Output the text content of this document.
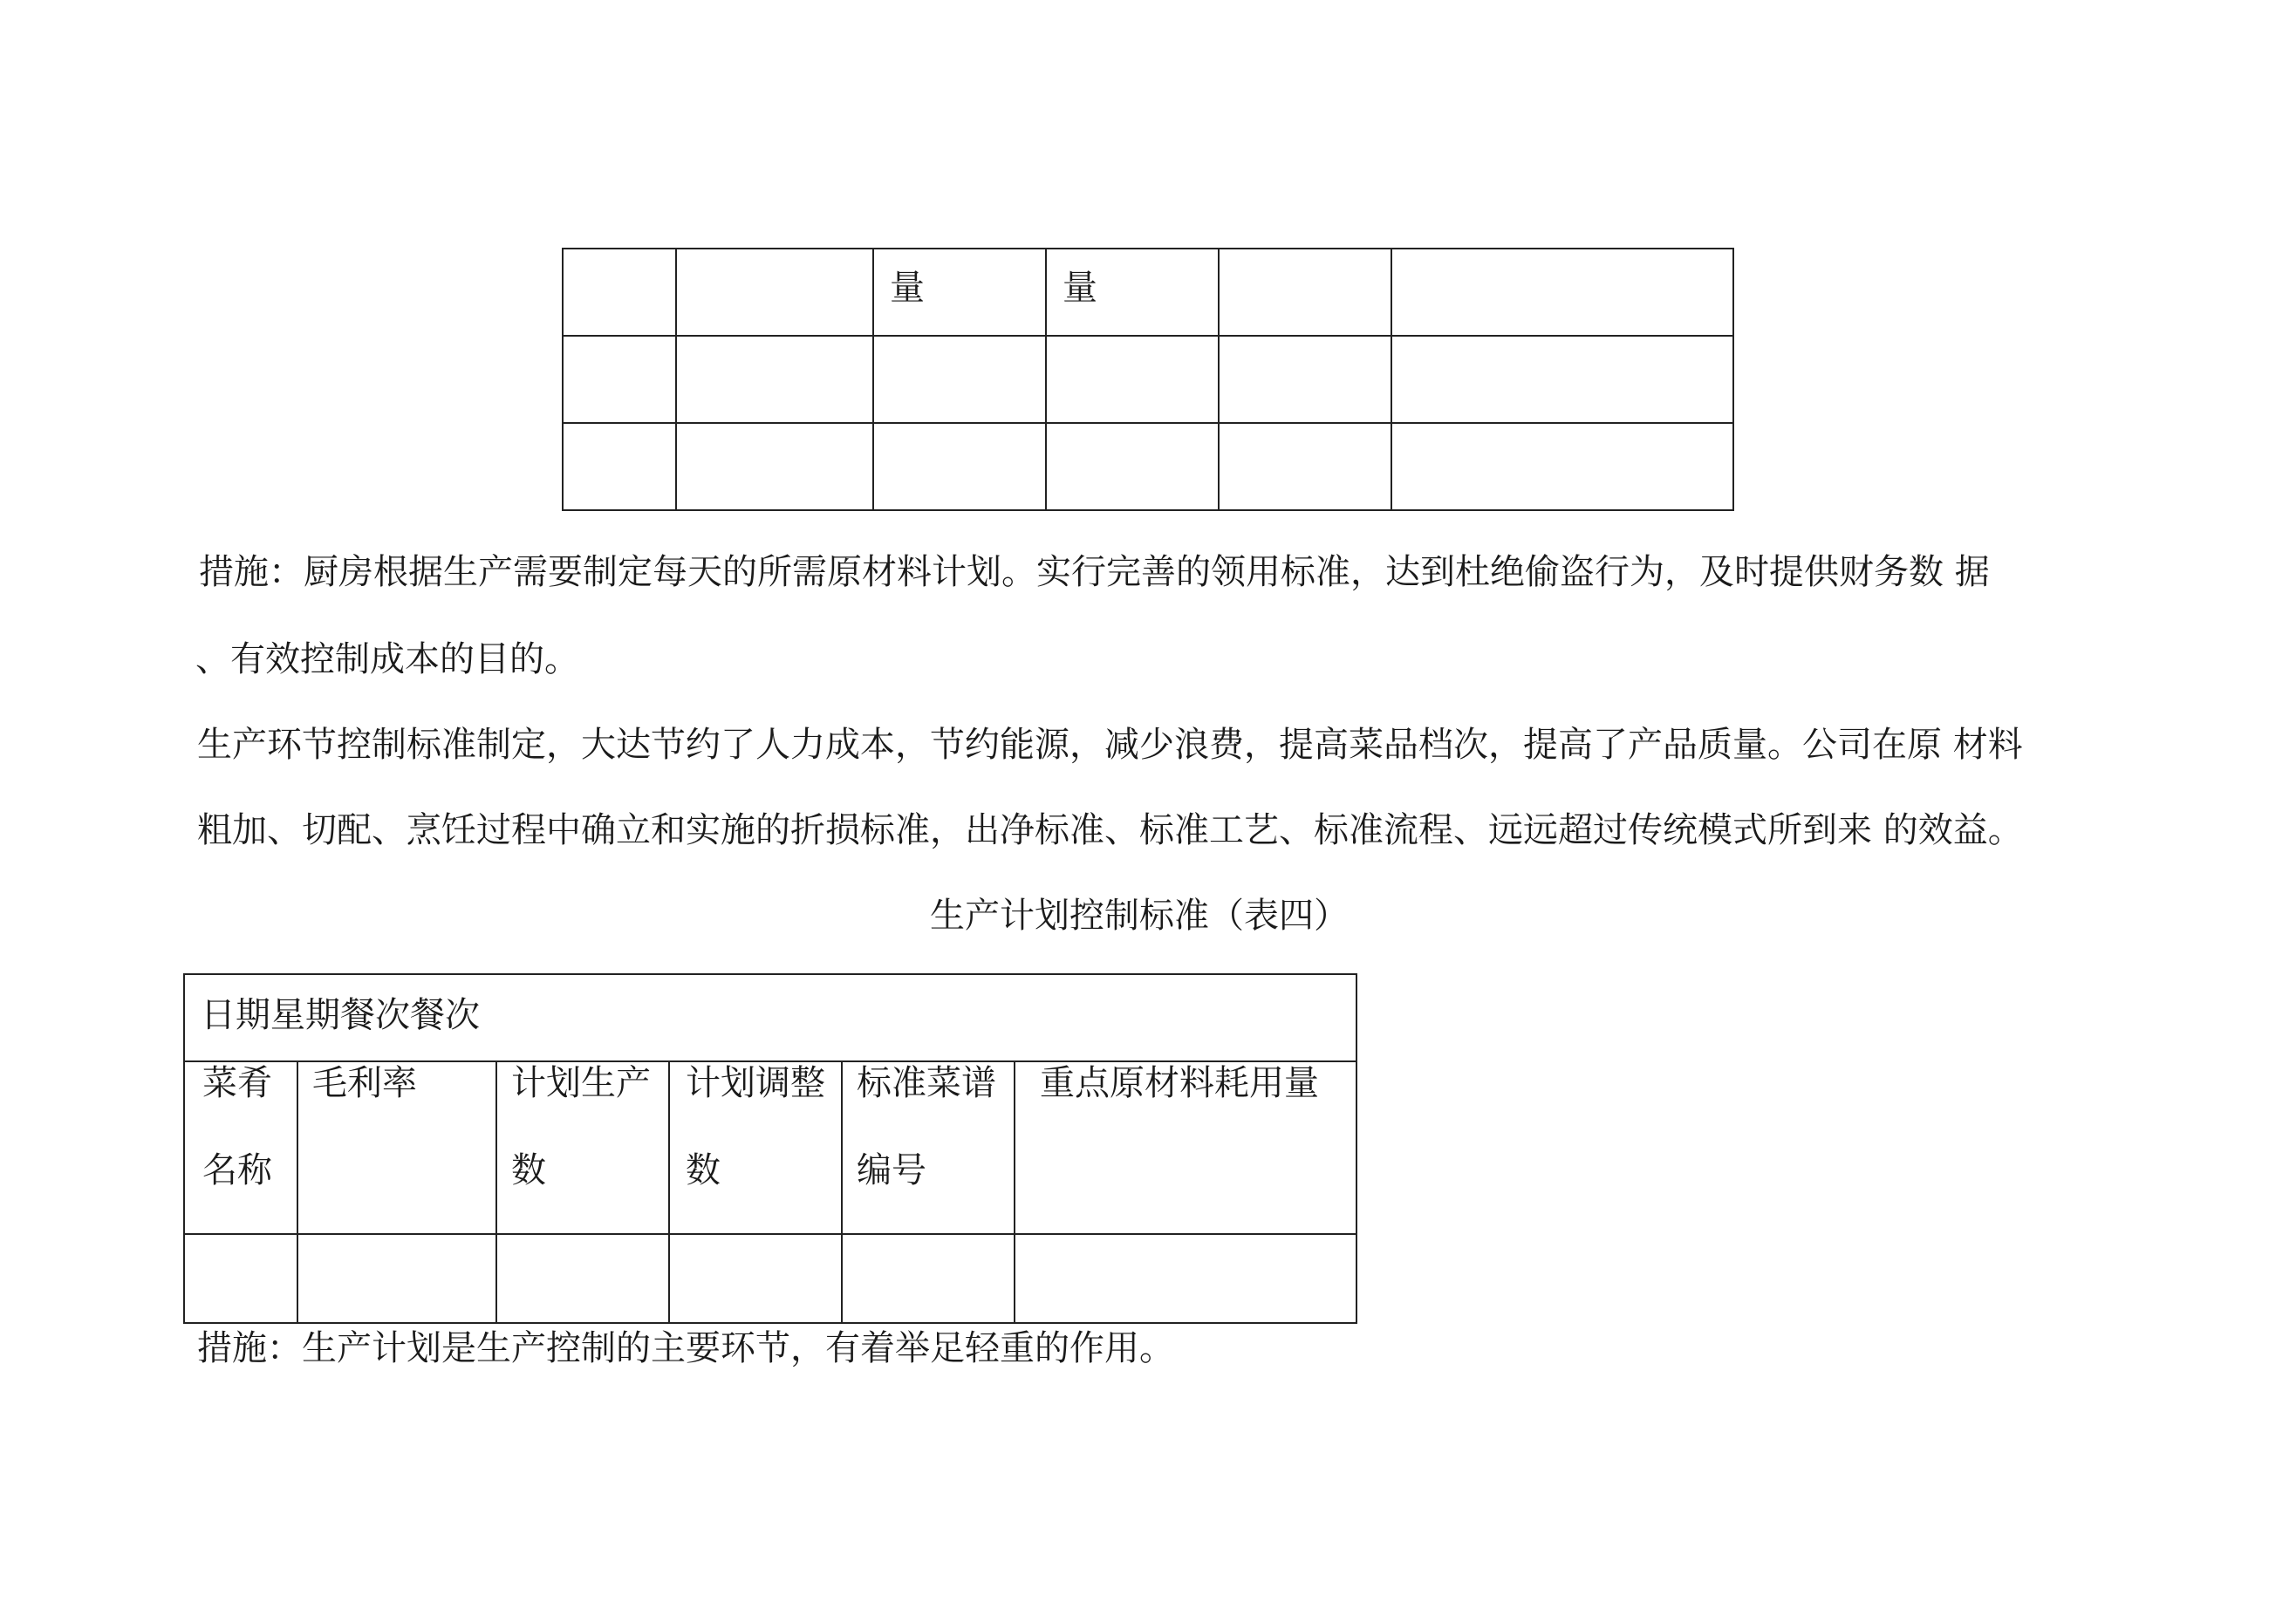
		量	量		

措施：厨房根据生产需要制定每天的所需原材料计划。实行完善的领用标准，达到杜绝偷盗行为，及时提供财务数 据
、有效控制成本的目的。
生产环节控制标准制定，大达节约了人力成本，节约能源，减少浪费，提高菜品档次，提高了产品质量。公司在原 材料
粗加、切配、烹饪过程中确立和实施的折损标准，出净标准、标准工艺、标准流程、远远超过传统模式所到来 的效益。
生产计划控制标准（表四）
日期星期餐次餐次					

菜肴名称	毛利率	计划生产数	计划调整数	标准菜谱编号	重点原材料耗用量

措施：生产计划是生产控制的主要环节，有着举足轻重的作用。
